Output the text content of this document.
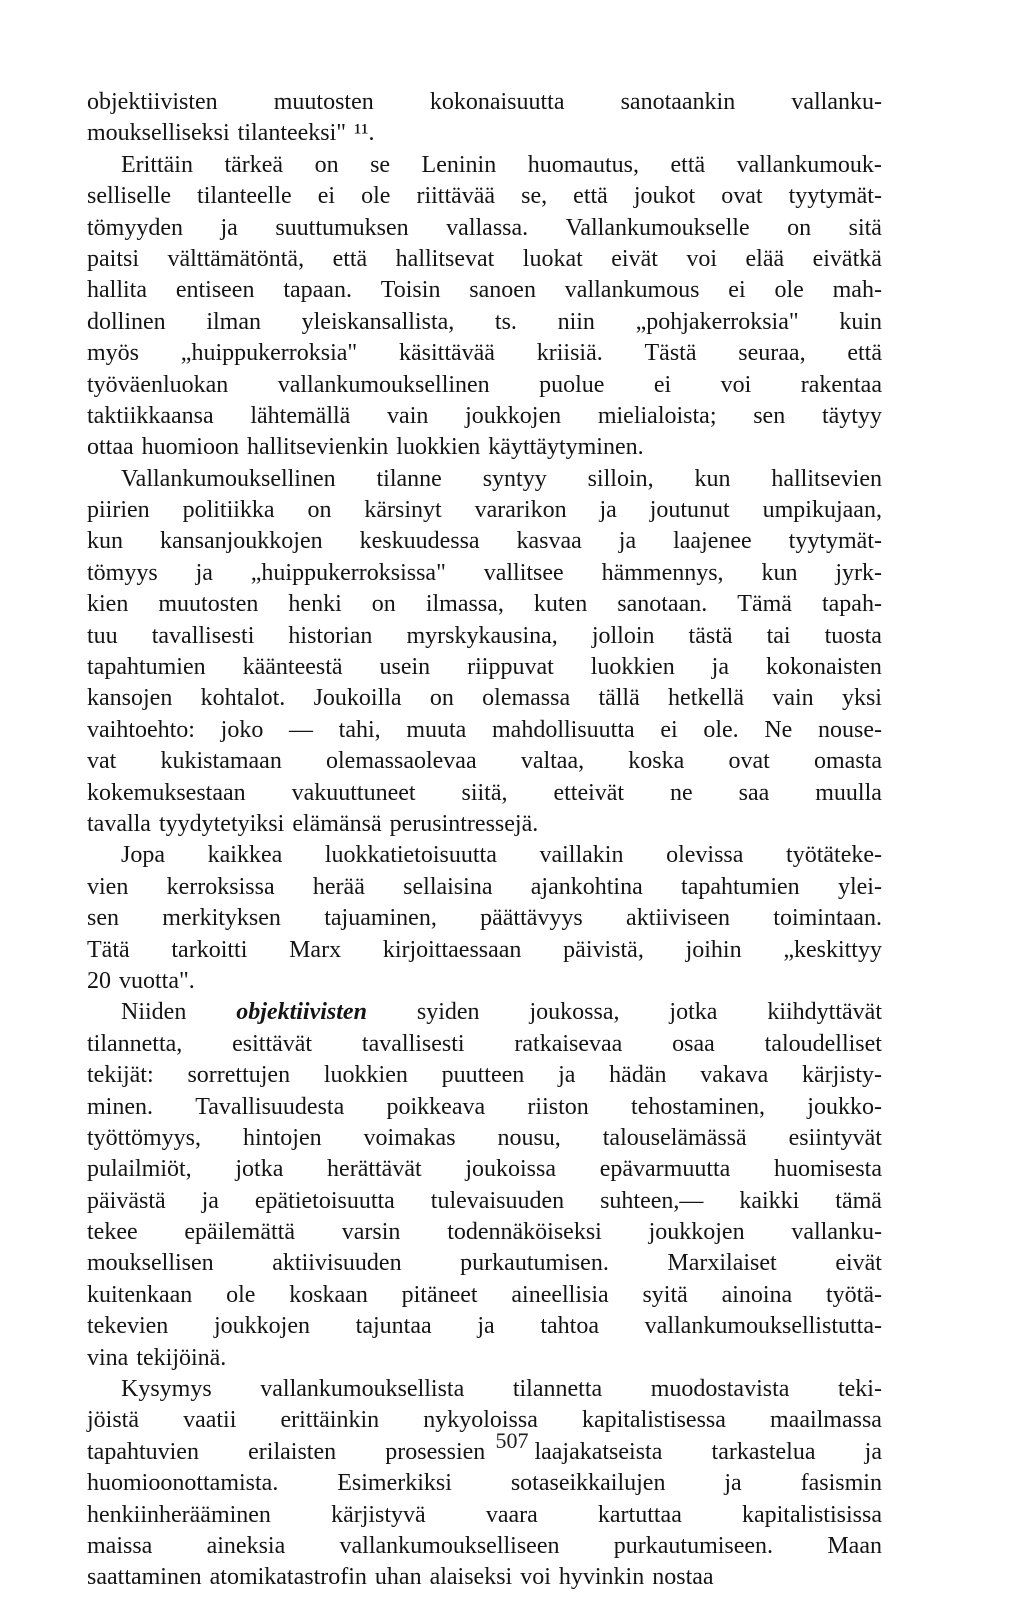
objektiivisten muutosten kokonaisuutta sanotaankin vallanku-
moukselliseksi tilanteeksi" ¹¹.
Erittäin tärkeä on se Leninin huomautus, että vallankumouk-
selliselle tilanteelle ei ole riittävää se, että joukot ovat tyytymät-
tömyyden ja suuttumuksen vallassa. Vallankumoukselle on sitä
paitsi välttämätöntä, että hallitsevat luokat eivät voi elää eivätkä
hallita entiseen tapaan. Toisin sanoen vallankumous ei ole mah-
dollinen ilman yleiskansallista, ts. niin „pohjakerroksia" kuin
myös „huippukerroksia" käsittävää kriisiä. Tästä seuraa, että
työväenluokan vallankumouksellinen puolue ei voi rakentaa
taktiikkaansa lähtemällä vain joukkojen mielialoista; sen täytyy
ottaa huomioon hallitsevienkin luokkien käyttäytyminen.
Vallankumouksellinen tilanne syntyy silloin, kun hallitsevien
piirien politiikka on kärsinyt vararikon ja joutunut umpikujaan,
kun kansanjoukkojen keskuudessa kasvaa ja laajenee tyytymät-
tömyys ja „huippukerroksissa" vallitsee hämmennys, kun jyrk-
kien muutosten henki on ilmassa, kuten sanotaan. Tämä tapah-
tuu tavallisesti historian myrskykausina, jolloin tästä tai tuosta
tapahtumien käänteestä usein riippuvat luokkien ja kokonaisten
kansojen kohtalot. Joukoilla on olemassa tällä hetkellä vain yksi
vaihtoehto: joko — tahi, muuta mahdollisuutta ei ole. Ne nouse-
vat kukistamaan olemassaolevaa valtaa, koska ovat omasta
kokemuksestaan vakuuttuneet siitä, etteivät ne saa muulla
tavalla tyydytetyiksi elämänsä perusintressejä.
Jopa kaikkea luokkatietoisuutta vaillakin olevissa työtäteke-
vien kerroksissa herää sellaisina ajankohtina tapahtumien ylei-
sen merkityksen tajuaminen, päättävyys aktiiviseen toimintaan.
Tätä tarkoitti Marx kirjoittaessaan päivistä, joihin „keskittyy
20 vuotta".
Niiden objektiivisten syiden joukossa, jotka kiihdyttävät
tilannetta, esittävät tavallisesti ratkaisevaa osaa taloudelliset
tekijät: sorrettujen luokkien puutteen ja hädän vakava kärjisty-
minen. Tavallisuudesta poikkeava riiston tehostaminen, joukko-
työttömyys, hintojen voimakas nousu, talouselämässä esiintyvät
pulailmiöt, jotka herättävät joukoissa epävarmuutta huomisesta
päivästä ja epätietoisuutta tulevaisuuden suhteen,— kaikki tämä
tekee epäilemättä varsin todennäköiseksi joukkojen vallanku-
mouksellisen aktiivisuuden purkautumisen. Marxilaiset eivät
kuitenkaan ole koskaan pitäneet aineellisia syitä ainoina työtä-
tekevien joukkojen tajuntaa ja tahtoa vallankumouksellistutta-
vina tekijöinä.
Kysymys vallankumouksellista tilannetta muodostavista teki-
jöistä vaatii erittäinkin nykyoloissa kapitalistisessa maailmassa
tapahtuvien erilaisten prosessien laajakatseista tarkastelua ja
huomioonottamista. Esimerkiksi sotaseikkailujen ja fasismin
henkiinherääminen	kärjistyvä	vaara	kartuttaa	kapitalistisissa
maissa aineksia vallankumoukselliseen purkautumiseen. Maan
saattaminen atomikatastrofin uhan alaiseksi voi hyvinkin nostaa
507
